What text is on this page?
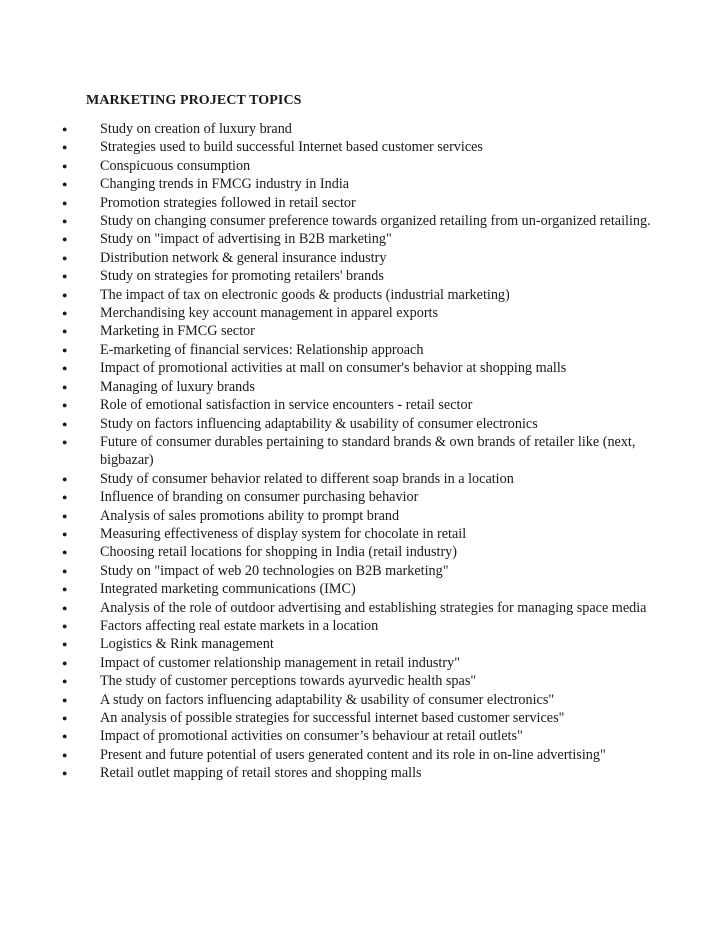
MARKETING PROJECT TOPICS
● Study on creation of luxury brand
● Strategies used to build successful Internet based customer services
● Conspicuous consumption
● Changing trends in FMCG industry in India
● Promotion strategies followed in retail sector
● Study on changing consumer preference towards organized retailing from un-organized retailing.
● Study on "impact of advertising in B2B marketing"
● Distribution network & general insurance industry
● Study on strategies for promoting retailers' brands
● The impact of tax on electronic goods & products (industrial marketing)
● Merchandising key account management in apparel exports
● Marketing in FMCG sector
● E-marketing of financial services: Relationship approach
● Impact of promotional activities at mall on consumer's behavior at shopping malls
● Managing of luxury brands
● Role of emotional satisfaction in service encounters - retail sector
● Study on factors influencing adaptability & usability of consumer electronics
● Future of consumer durables pertaining to standard brands & own brands of retailer like (next, bigbazar)
● Study of consumer behavior related to different soap brands in a location
● Influence of branding on consumer purchasing behavior
● Analysis of sales promotions ability to prompt brand
● Measuring effectiveness of display system for chocolate in retail
● Choosing retail locations for shopping in India (retail industry)
● Study on "impact of web 20 technologies on B2B marketing"
● Integrated marketing communications (IMC)
● Analysis of the role of outdoor advertising and establishing strategies for managing space media
● Factors affecting real estate markets in a location
● Logistics & Rink management
● Impact of customer relationship management in retail industry"
● The study of customer perceptions towards ayurvedic health spas"
● A study on factors influencing adaptability & usability of consumer electronics"
● An analysis of possible strategies for successful internet based customer services"
● Impact of promotional activities on consumer’s behaviour at retail outlets"
● Present and future potential of users generated content and its role in on-line advertising"
● Retail outlet mapping of retail stores and shopping malls
